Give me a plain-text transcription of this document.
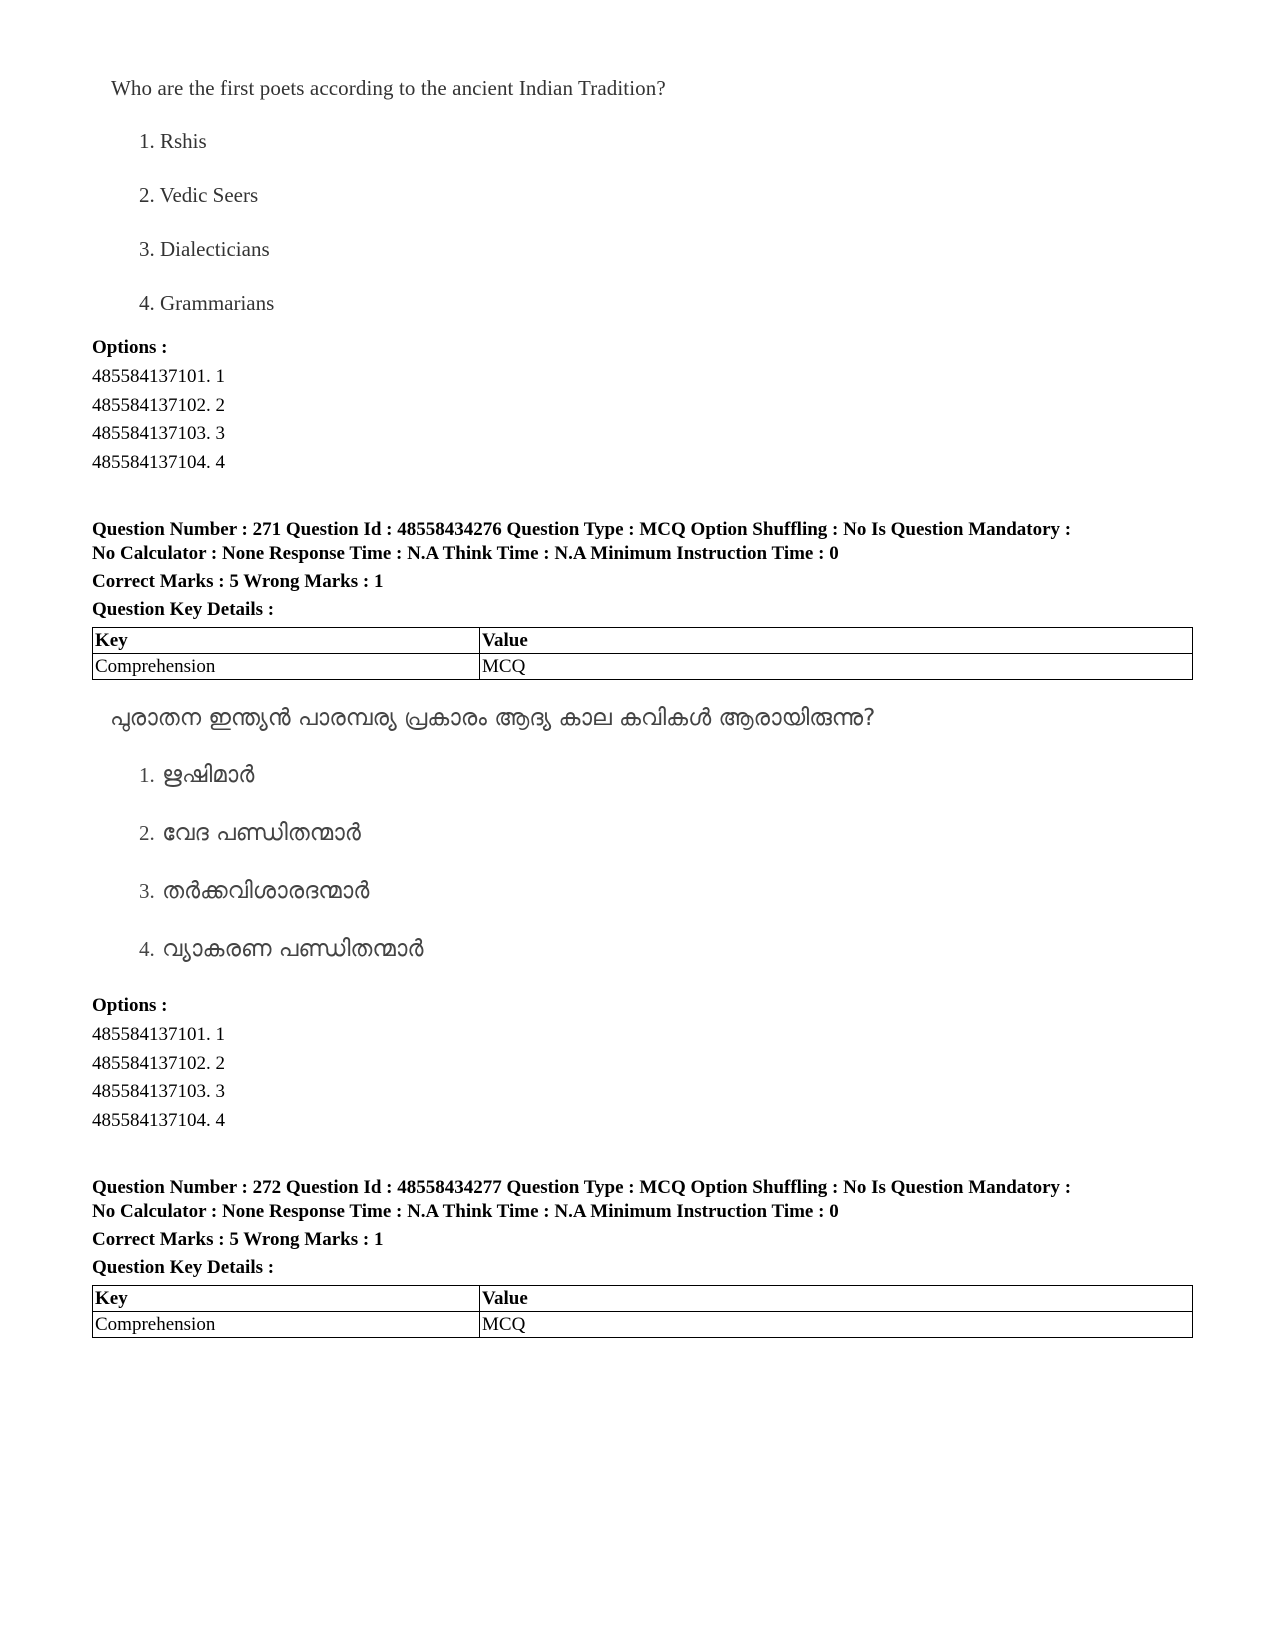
Who are the first poets according to the ancient Indian Tradition?
1. Rshis
2. Vedic Seers
3. Dialecticians
4. Grammarians
Options :
485584137101. 1
485584137102. 2
485584137103. 3
485584137104. 4
Question Number : 271 Question Id : 48558434276 Question Type : MCQ Option Shuffling : No Is Question Mandatory :
No Calculator : None Response Time : N.A Think Time : N.A Minimum Instruction Time : 0
Correct Marks : 5 Wrong Marks : 1
Question Key Details :
Key	Value
Comprehension	MCQ
പുരാതന ഇന്ത്യൻ പാരമ്പര്യ പ്രകാരം ആദ്യ കാല കവികൾ ആരായിരുന്നു?
1. ഋഷിമാർ
2. വേദ പണ്ഡിതന്മാർ
3. തർക്കവിശാരദന്മാർ
4. വ്യാകരണ പണ്ഡിതന്മാർ
Options :
485584137101. 1
485584137102. 2
485584137103. 3
485584137104. 4
Question Number : 272 Question Id : 48558434277 Question Type : MCQ Option Shuffling : No Is Question Mandatory :
No Calculator : None Response Time : N.A Think Time : N.A Minimum Instruction Time : 0
Correct Marks : 5 Wrong Marks : 1
Question Key Details :
Key	Value
Comprehension	MCQ
